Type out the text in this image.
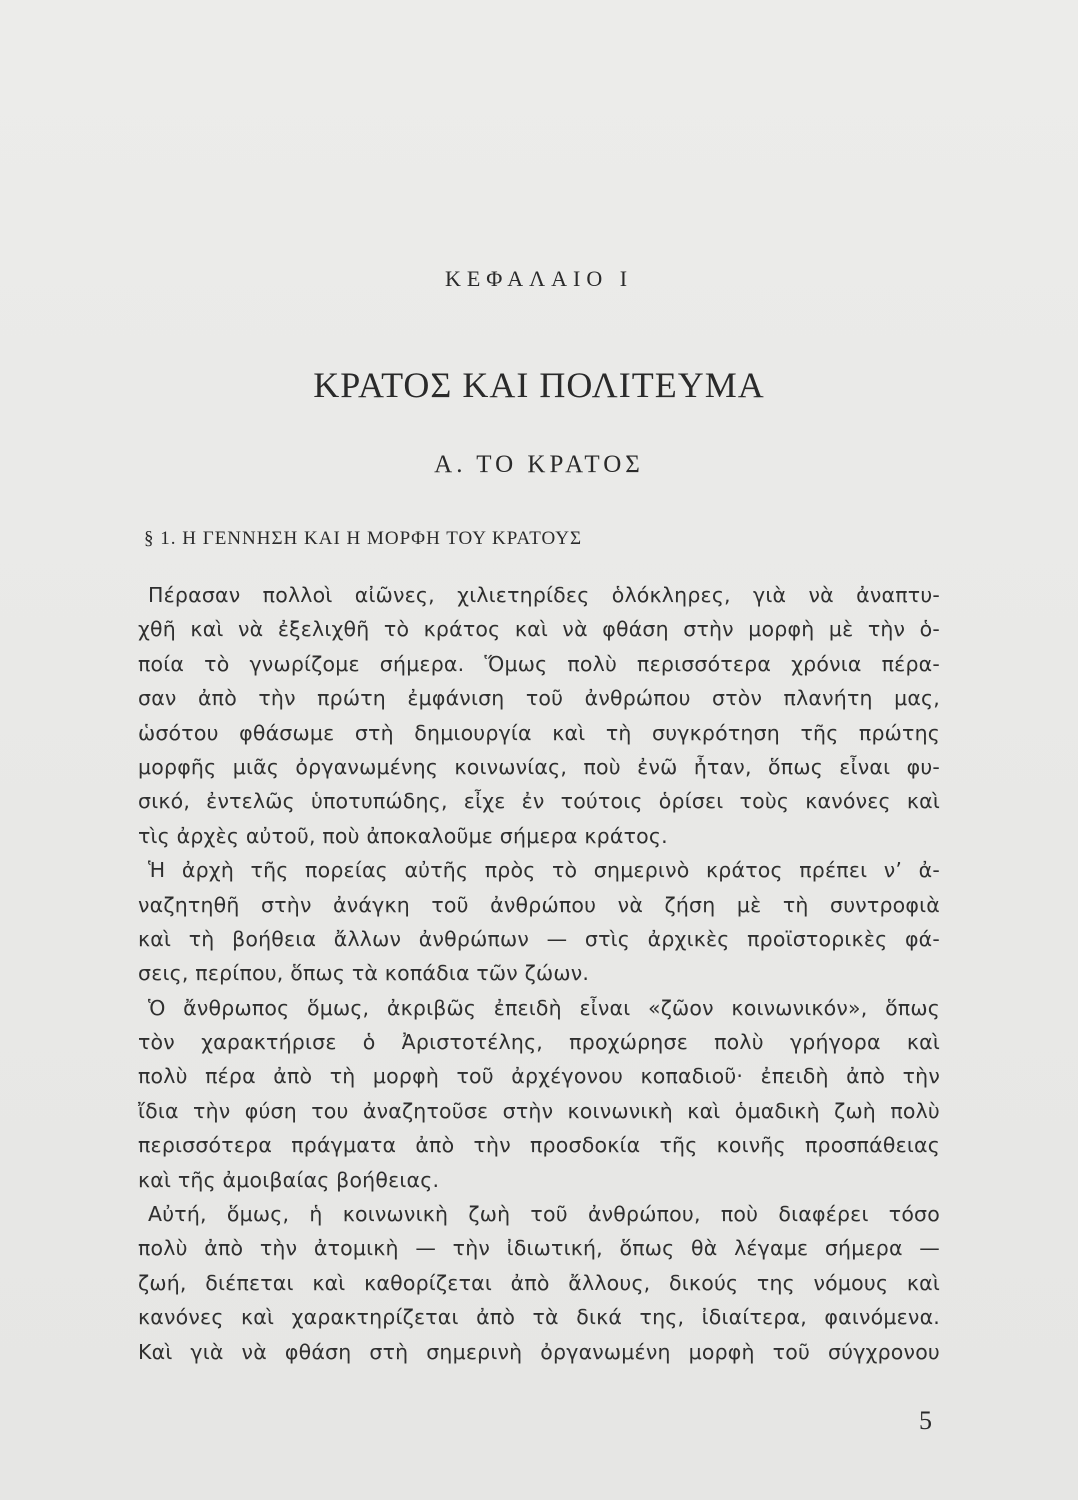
ΚΕΦΑΛΑΙΟ Ι
ΚΡΑΤΟΣ ΚΑΙ ΠΟΛΙΤΕΥΜΑ
Α. ΤΟ ΚΡΑΤΟΣ
§ 1. Η ΓΕΝΝΗΣΗ ΚΑΙ Η ΜΟΡΦΗ ΤΟΥ ΚΡΑΤΟΥΣ
Πέρασαν πολλοὶ αἰῶνες, χιλιετηρίδες ὁλόκληρες, γιὰ νὰ ἀναπτυ-
χθῆ καὶ νὰ ἐξελιχθῆ τὸ κράτος καὶ νὰ φθάση στὴν μορφὴ μὲ τὴν ὁ-
ποία τὸ γνωρίζομε σήμερα. Ὅμως πολὺ περισσότερα χρόνια πέρα-
σαν ἀπὸ τὴν πρώτη ἐμφάνιση τοῦ ἀνθρώπου στὸν πλανήτη μας,
ὡσότου φθάσωμε στὴ δημιουργία καὶ τὴ συγκρότηση τῆς πρώτης
μορφῆς μιᾶς ὀργανωμένης κοινωνίας, ποὺ ἐνῶ ἦταν, ὅπως εἶναι φυ-
σικό, ἐντελῶς ὑποτυπώδης, εἶχε ἐν τούτοις ὁρίσει τοὺς κανόνες καὶ
τὶς ἀρχὲς αὐτοῦ, ποὺ ἀποκαλοῦμε σήμερα κράτος.
Ἡ ἀρχὴ τῆς πορείας αὐτῆς πρὸς τὸ σημερινὸ κράτος πρέπει ν’ ἀ-
ναζητηθῆ στὴν ἀνάγκη τοῦ ἀνθρώπου νὰ ζήση μὲ τὴ συντροφιὰ
καὶ τὴ βοήθεια ἄλλων ἀνθρώπων — στὶς ἀρχικὲς προϊστορικὲς φά-
σεις, περίπου, ὅπως τὰ κοπάδια τῶν ζώων.
Ὁ ἄνθρωπος ὅμως, ἀκριβῶς ἐπειδὴ εἶναι «ζῶον κοινωνικόν», ὅπως
τὸν χαρακτήρισε ὁ Ἀριστοτέλης, προχώρησε πολὺ γρήγορα καὶ
πολὺ πέρα ἀπὸ τὴ μορφὴ τοῦ ἀρχέγονου κοπαδιοῦ· ἐπειδὴ ἀπὸ τὴν
ἴδια τὴν φύση του ἀναζητοῦσε στὴν κοινωνικὴ καὶ ὁμαδικὴ ζωὴ πολὺ
περισσότερα πράγματα ἀπὸ τὴν προσδοκία τῆς κοινῆς προσπάθειας
καὶ τῆς ἀμοιβαίας βοήθειας.
Αὐτή, ὅμως, ἡ κοινωνικὴ ζωὴ τοῦ ἀνθρώπου, ποὺ διαφέρει τόσο
πολὺ ἀπὸ τὴν ἀτομικὴ — τὴν ἰδιωτική, ὅπως θὰ λέγαμε σήμερα —
ζωή, διέπεται καὶ καθορίζεται ἀπὸ ἄλλους, δικούς της νόμους καὶ
κανόνες καὶ χαρακτηρίζεται ἀπὸ τὰ δικά της, ἰδιαίτερα, φαινόμενα.
Καὶ γιὰ νὰ φθάση στὴ σημερινὴ ὀργανωμένη μορφὴ τοῦ σύγχρονου
5
